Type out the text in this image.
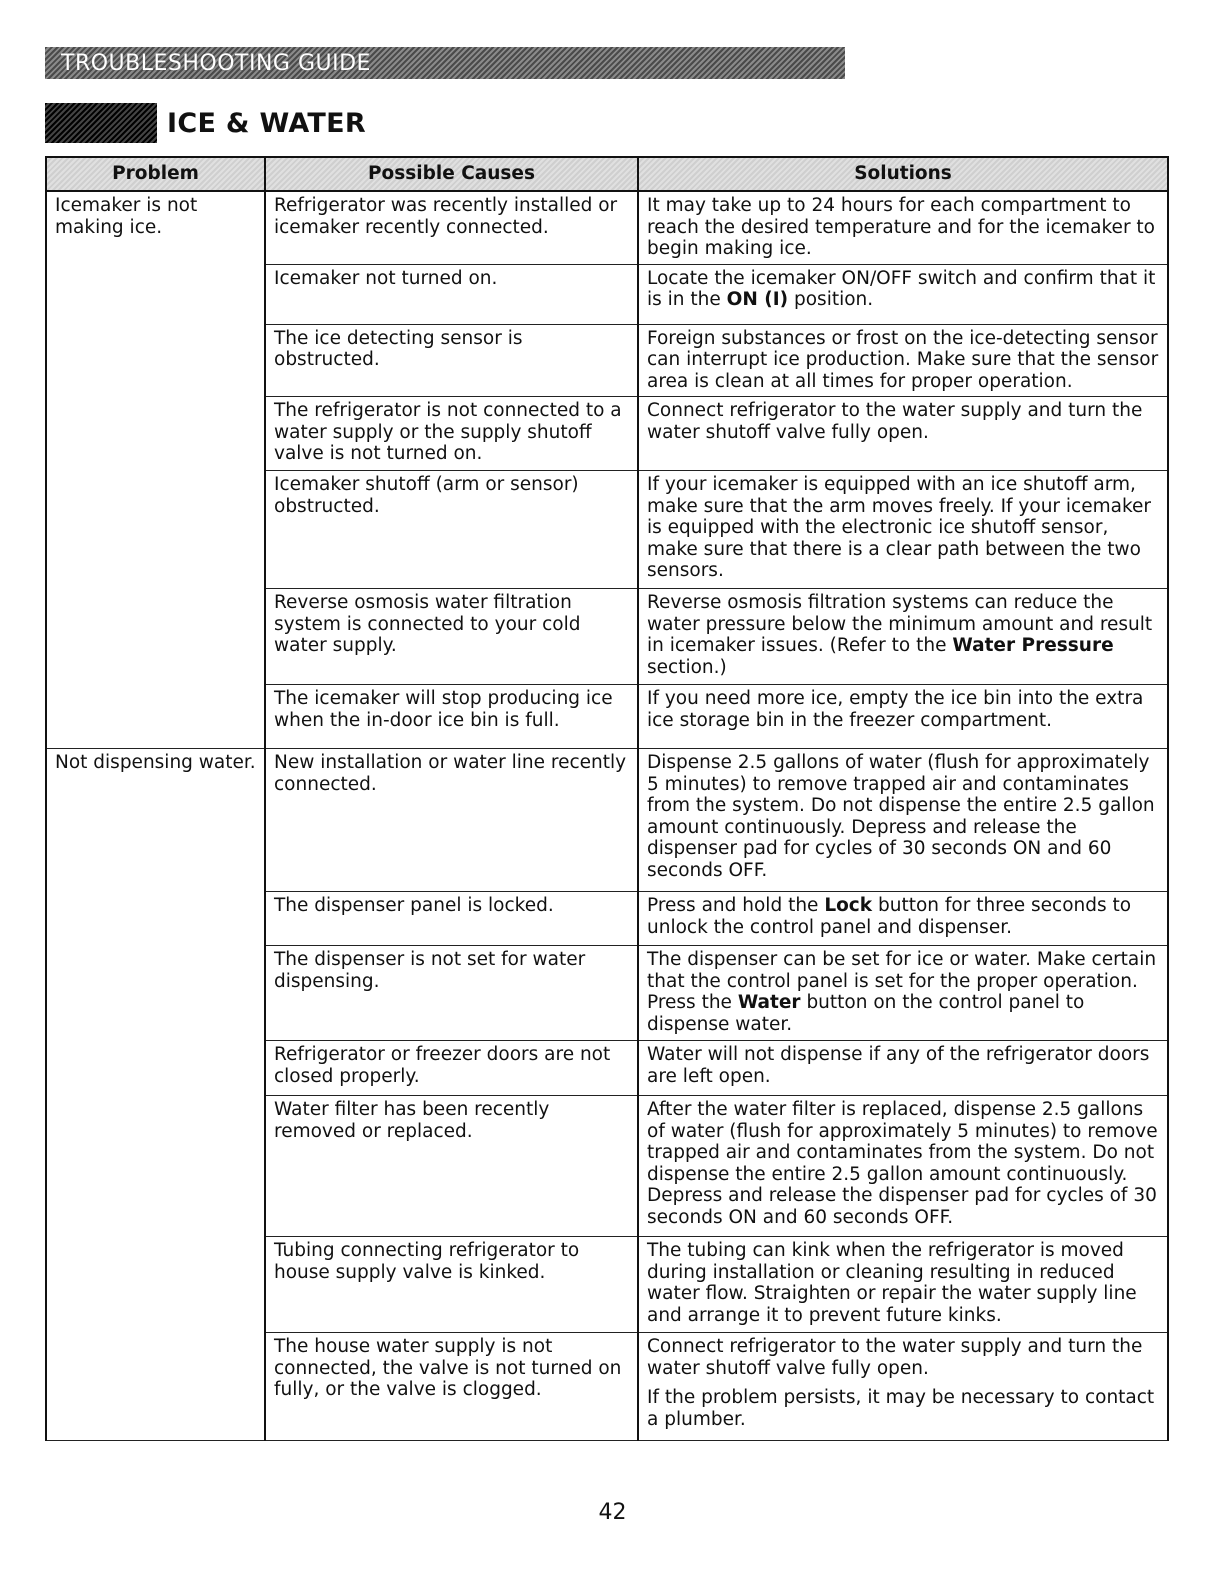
TROUBLESHOOTING GUIDE
ICE & WATER
Problem	Possible Causes	Solutions
Icemaker is not making ice.	Refrigerator was recently installed or icemaker recently connected.	It may take up to 24 hours for each compartment to reach the desired temperature and for the icemaker to begin making ice.
	Icemaker not turned on.	Locate the icemaker ON/OFF switch and confirm that it is in the ON (I) position.
	The ice detecting sensor is obstructed.	Foreign substances or frost on the ice-detecting sensor can interrupt ice production. Make sure that the sensor area is clean at all times for proper operation.
	The refrigerator is not connected to a water supply or the supply shutoff valve is not turned on.	Connect refrigerator to the water supply and turn the water shutoff valve fully open.
	Icemaker shutoff (arm or sensor) obstructed.	If your icemaker is equipped with an ice shutoff arm, make sure that the arm moves freely. If your icemaker is equipped with the electronic ice shutoff sensor, make sure that there is a clear path between the two sensors.
	Reverse osmosis water filtration system is connected to your cold water supply.	Reverse osmosis filtration systems can reduce the water pressure below the minimum amount and result in icemaker issues. (Refer to the Water Pressure section.)
	The icemaker will stop producing ice when the in-door ice bin is full.	If you need more ice, empty the ice bin into the extra ice storage bin in the freezer compartment.
Not dispensing water.	New installation or water line recently connected.	Dispense 2.5 gallons of water (flush for approximately 5 minutes) to remove trapped air and contaminates from the system. Do not dispense the entire 2.5 gallon amount continuously. Depress and release the dispenser pad for cycles of 30 seconds ON and 60 seconds OFF.
	The dispenser panel is locked.	Press and hold the Lock button for three seconds to unlock the control panel and dispenser.
	The dispenser is not set for water dispensing.	The dispenser can be set for ice or water. Make certain that the control panel is set for the proper operation. Press the Water button on the control panel to dispense water.
	Refrigerator or freezer doors are not closed properly.	Water will not dispense if any of the refrigerator doors are left open.
	Water filter has been recently removed or replaced.	After the water filter is replaced, dispense 2.5 gallons of water (flush for approximately 5 minutes) to remove trapped air and contaminates from the system. Do not dispense the entire 2.5 gallon amount continuously. Depress and release the dispenser pad for cycles of 30 seconds ON and 60 seconds OFF.
	Tubing connecting refrigerator to house supply valve is kinked.	The tubing can kink when the refrigerator is moved during installation or cleaning resulting in reduced water flow. Straighten or repair the water supply line and arrange it to prevent future kinks.
	The house water supply is not connected, the valve is not turned on fully, or the valve is clogged.	Connect refrigerator to the water supply and turn the water shutoff valve fully open.
If the problem persists, it may be necessary to contact a plumber.
42
